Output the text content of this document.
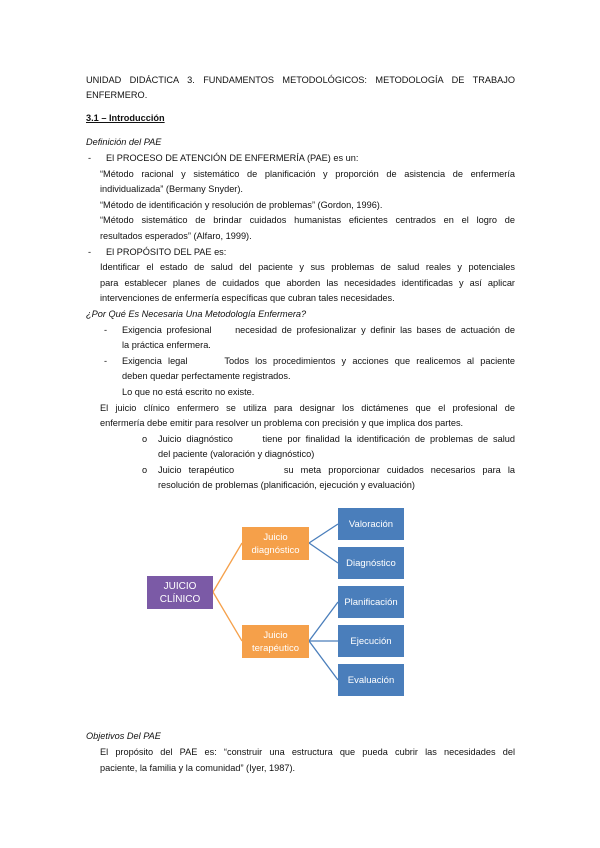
UNIDAD DIDÁCTICA 3. FUNDAMENTOS METODOLÓGICOS: METODOLOGÍA DE TRABAJO
ENFERMERO.
3.1 – Introducción
Definición del PAE
- El PROCESO DE ATENCIÓN DE ENFERMERÍA (PAE) es un:
“Método racional y sistemático de planificación y proporción de asistencia de enfermería
individualizada” (Bermany Snyder).
“Método de identificación y resolución de problemas” (Gordon, 1996).
“Método sistemático de brindar cuidados humanistas eficientes centrados en el logro de
resultados esperados” (Alfaro, 1999).
- El PROPÓSITO DEL PAE es:
Identificar el estado de salud del paciente y sus problemas de salud reales y potenciales
para establecer planes de cuidados que aborden las necesidades identificadas y así aplicar
intervenciones de enfermería específicas que cubran tales necesidades.
¿Por Qué Es Necesaria Una Metodología Enfermera?
- Exigencia profesional     necesidad de profesionalizar y definir las bases de actuación de
la práctica enfermera.
- Exigencia legal      Todos los procedimientos y acciones que realicemos al paciente
deben quedar perfectamente registrados.
Lo que no está escrito no existe.
El juicio clínico enfermero se utiliza para designar los dictámenes que el profesional de
enfermería debe emitir para resolver un problema con precisión y que implica dos partes.
o Juicio diagnóstico      tiene por finalidad la identificación de problemas de salud
del paciente (valoración y diagnóstico)
o Juicio terapéutico       su meta proporcionar cuidados necesarios para la
resolución de problemas (planificación, ejecución y evaluación)
JUICIO
CLÍNICO
Juicio
diagnóstico
Juicio
terapéutico
Valoración
Diagnóstico
Planificación
Ejecución
Evaluación
Objetivos Del PAE
El propósito del PAE es: “construir una estructura que pueda cubrir las necesidades del
paciente, la familia y la comunidad” (Iyer, 1987).
